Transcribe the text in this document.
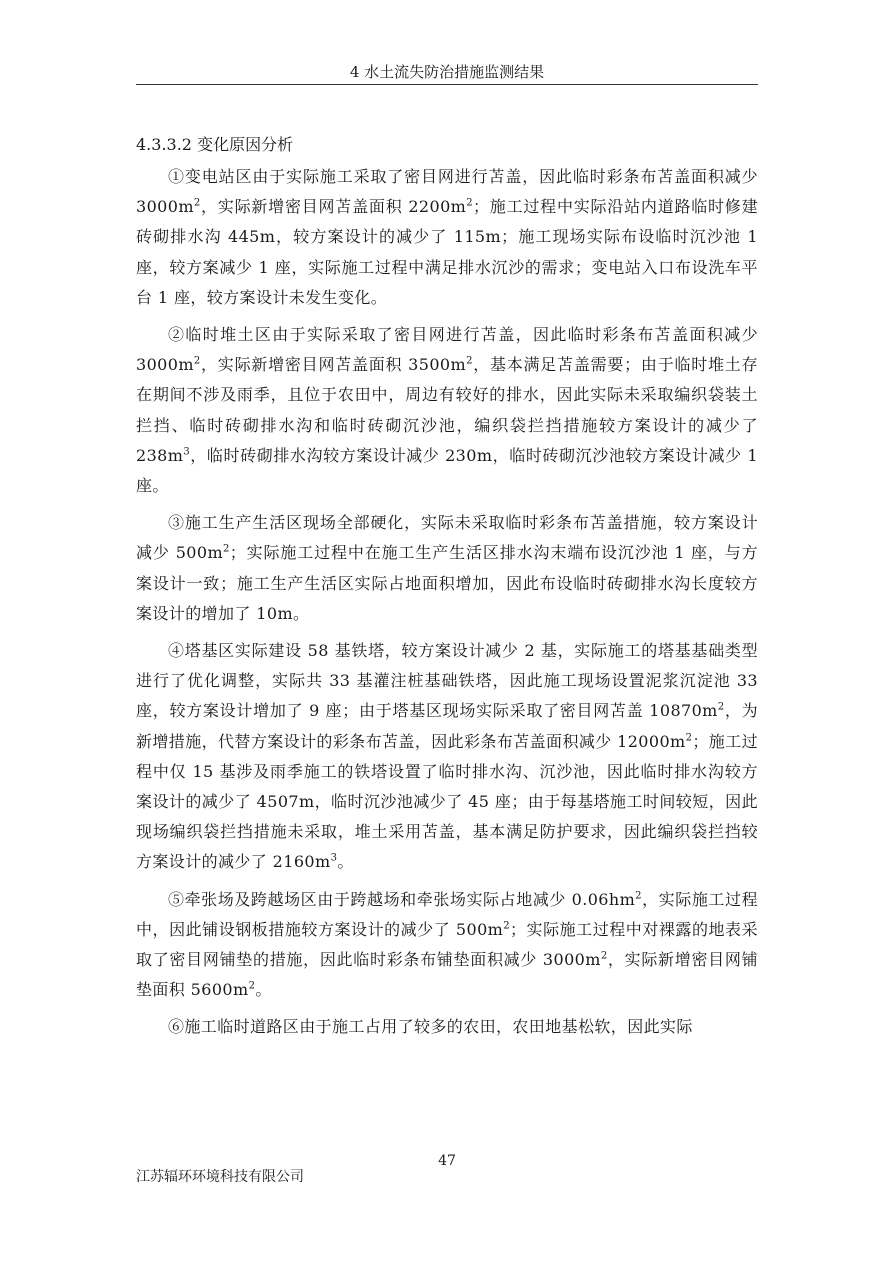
4 水土流失防治措施监测结果
4.3.3.2 变化原因分析

①变电站区由于实际施工采取了密目网进行苫盖，因此临时彩条布苫盖面积减少 $3000m^2$，实际新增密目网苫盖面积 $2200m^2$；施工过程中实际沿站内道路临时修建砖砌排水沟 445m，较方案设计的减少了 115m；施工现场实际布设临时沉沙池 1 座，较方案减少 1 座，实际施工过程中满足排水沉沙的需求；变电站入口布设洗车平台 1 座，较方案设计未发生变化。

②临时堆土区由于实际采取了密目网进行苫盖，因此临时彩条布苫盖面积减少 $3000m^2$，实际新增密目网苫盖面积 $3500m^2$，基本满足苫盖需要；由于临时堆土存在期间不涉及雨季，且位于农田中，周边有较好的排水，因此实际未采取编织袋装土拦挡、临时砖砌排水沟和临时砖砌沉沙池，编织袋拦挡措施较方案设计的减少了 $238m^3$，临时砖砌排水沟较方案设计减少 230m，临时砖砌沉沙池较方案设计减少 1 座。

③施工生产生活区现场全部硬化，实际未采取临时彩条布苫盖措施，较方案设计减少 $500m^2$；实际施工过程中在施工生产生活区排水沟末端布设沉沙池 1 座，与方案设计一致；施工生产生活区实际占地面积增加，因此布设临时砖砌排水沟长度较方案设计的增加了 10m。

④塔基区实际建设 58 基铁塔，较方案设计减少 2 基，实际施工的塔基基础类型进行了优化调整，实际共 33 基灌注桩基础铁塔，因此施工现场设置泥浆沉淀池 33 座，较方案设计增加了 9 座；由于塔基区现场实际采取了密目网苫盖 $10870m^2$，为新增措施，代替方案设计的彩条布苫盖，因此彩条布苫盖面积减少 $12000m^2$；施工过程中仅 15 基涉及雨季施工的铁塔设置了临时排水沟、沉沙池，因此临时排水沟较方案设计的减少了 4507m，临时沉沙池减少了 45 座；由于每基塔施工时间较短，因此现场编织袋拦挡措施未采取，堆土采用苫盖，基本满足防护要求，因此编织袋拦挡较方案设计的减少了 $2160m^3$。

⑤牵张场及跨越场区由于跨越场和牵张场实际占地减少 $0.06hm^2$，实际施工过程中，因此铺设钢板措施较方案设计的减少了 $500m^2$；实际施工过程中对裸露的地表采取了密目网铺垫的措施，因此临时彩条布铺垫面积减少 $3000m^2$，实际新增密目网铺垫面积 $5600m^2$。

⑥施工临时道路区由于施工占用了较多的农田，农田地基松软，因此实际

47
江苏辐环环境科技有限公司
